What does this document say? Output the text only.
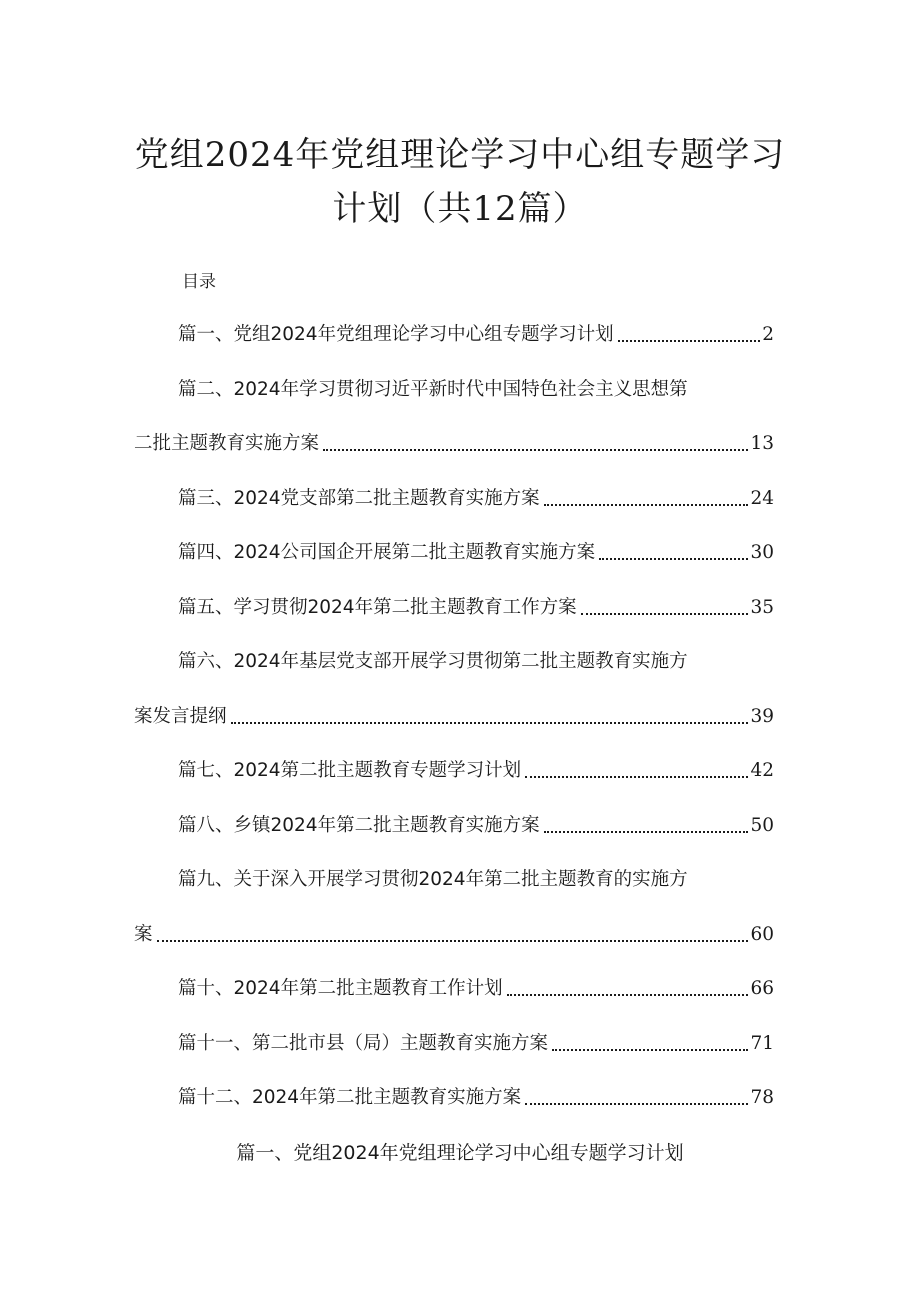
党组2024年党组理论学习中心组专题学习
计划（共12篇）
目录
篇一、党组2024年党组理论学习中心组专题学习计划	2
篇二、2024年学习贯彻习近平新时代中国特色社会主义思想第
二批主题教育实施方案	13
篇三、2024党支部第二批主题教育实施方案	24
篇四、2024公司国企开展第二批主题教育实施方案	30
篇五、学习贯彻2024年第二批主题教育工作方案	35
篇六、2024年基层党支部开展学习贯彻第二批主题教育实施方
案发言提纲	39
篇七、2024第二批主题教育专题学习计划	42
篇八、乡镇2024年第二批主题教育实施方案	50
篇九、关于深入开展学习贯彻2024年第二批主题教育的实施方
案	60
篇十、2024年第二批主题教育工作计划	66
篇十一、第二批市县（局）主题教育实施方案	71
篇十二、2024年第二批主题教育实施方案	78
篇一、党组2024年党组理论学习中心组专题学习计划
